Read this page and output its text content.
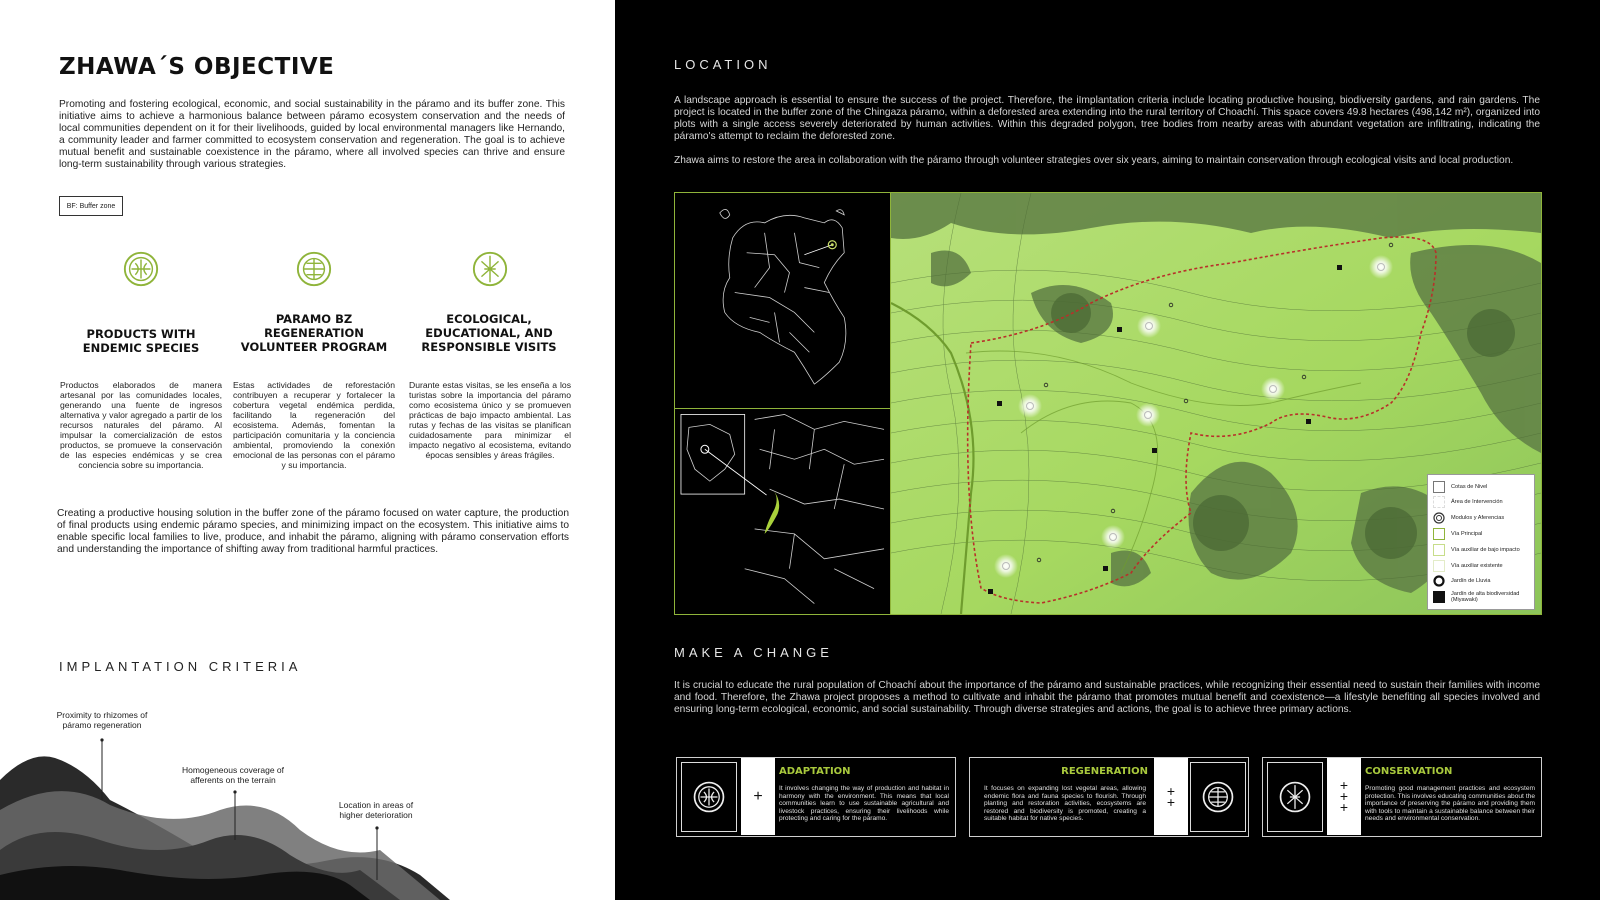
ZHAWA´S OBJECTIVE
Promoting and fostering ecological, economic, and social sustainability in the páramo and its buffer zone. This initiative aims to achieve a harmonious balance between páramo ecosystem conservation and the needs of local communities dependent on it for their livelihoods, guided by local environmental managers like Hernando, a community leader and farmer committed to ecosystem conservation and regeneration. The goal is to achieve mutual benefit and sustainable coexistence in the páramo, where all involved species can thrive and ensure long-term sustainability through various strategies.
BF: Buffer zone
PRODUCTS WITH ENDEMIC SPECIES
PARAMO BZ REGENERATION VOLUNTEER PROGRAM
ECOLOGICAL, EDUCATIONAL, AND RESPONSIBLE VISITS
Productos elaborados de manera artesanal por las comunidades locales, generando una fuente de ingresos alternativa y valor agregado a partir de los recursos naturales del páramo. Al impulsar la comercialización de estos productos, se promueve la conservación de las especies endémicas y se crea conciencia sobre su importancia.
Estas actividades de reforestación contribuyen a recuperar y fortalecer la cobertura vegetal endémica perdida, facilitando la regeneración del ecosistema. Además, fomentan la participación comunitaria y la conciencia ambiental, promoviendo la conexión emocional de las personas con el páramo y su importancia.
Durante estas visitas, se les enseña a los turistas sobre la importancia del páramo como ecosistema único y se promueven prácticas de bajo impacto ambiental. Las rutas y fechas de las visitas se planifican cuidadosamente para minimizar el impacto negativo al ecosistema, evitando épocas sensibles y áreas frágiles.
Creating a productive housing solution in the buffer zone of the páramo focused on water capture, the production of final products using endemic páramo species, and minimizing impact on the ecosystem. This initiative aims to enable specific local families to live, produce, and inhabit the páramo, aligning with páramo conservation efforts and understanding the importance of shifting away from traditional harmful practices.
IMPLANTATION CRITERIA
Proximity to rhizomes of páramo regeneration
Homogeneous coverage of afferents on the terrain
Location in areas of higher deterioration
LOCATION
A landscape approach is essential to ensure the success of the project. Therefore, the iImplantation criteria include locating productive housing, biodiversity gardens, and rain gardens. The project is located in the buffer zone of the Chingaza páramo, within a deforested area extending into the rural territory of Choachí. This space covers 49.8 hectares (498,142 m²), organized into plots with a single access severely deteriorated by human activities. Within this degraded polygon, tree bodies from nearby areas with abundant vegetation are infiltrating, indicating the páramo's attempt to reclaim the deforested zone.
Zhawa aims to restore the area in collaboration with the páramo through volunteer strategies over six years, aiming to maintain conservation through ecological visits and local production.
Cotas de Nivel
Área de Intervención
Modulos y Aferencias
Vía Principal
Vía auxiliar de bajo impacto
Vía auxiliar existente
Jardín de Lluvia
Jardín de alta biodiversidad (Miyawaki)
MAKE A CHANGE
It is crucial to educate the rural population of Choachí about the importance of the páramo and sustainable practices, while recognizing their essential need to sustain their families with income and food. Therefore, the Zhawa project proposes a method to cultivate and inhabit the páramo that promotes mutual benefit and coexistence—a lifestyle benefiting all species involved and ensuring long-term ecological, economic, and social sustainability. Through diverse strategies and actions, the goal is to achieve three primary actions.
+
ADAPTATION
It involves changing the way of production and habitat in harmony with the environment. This means that local communities learn to use sustainable agricultural and livestock practices, ensuring their livelihoods while protecting and caring for the páramo.
REGENERATION
It focuses on expanding lost vegetal areas, allowing endemic flora and fauna species to flourish. Through planting and restoration activities, ecosystems are restored and biodiversity is promoted, creating a suitable habitat for native species.
+ +
+ + +
CONSERVATION
Promoting good management practices and ecosystem protection. This involves educating communities about the importance of preserving the páramo and providing them with tools to maintain a sustainable balance between their needs and environmental conservation.
